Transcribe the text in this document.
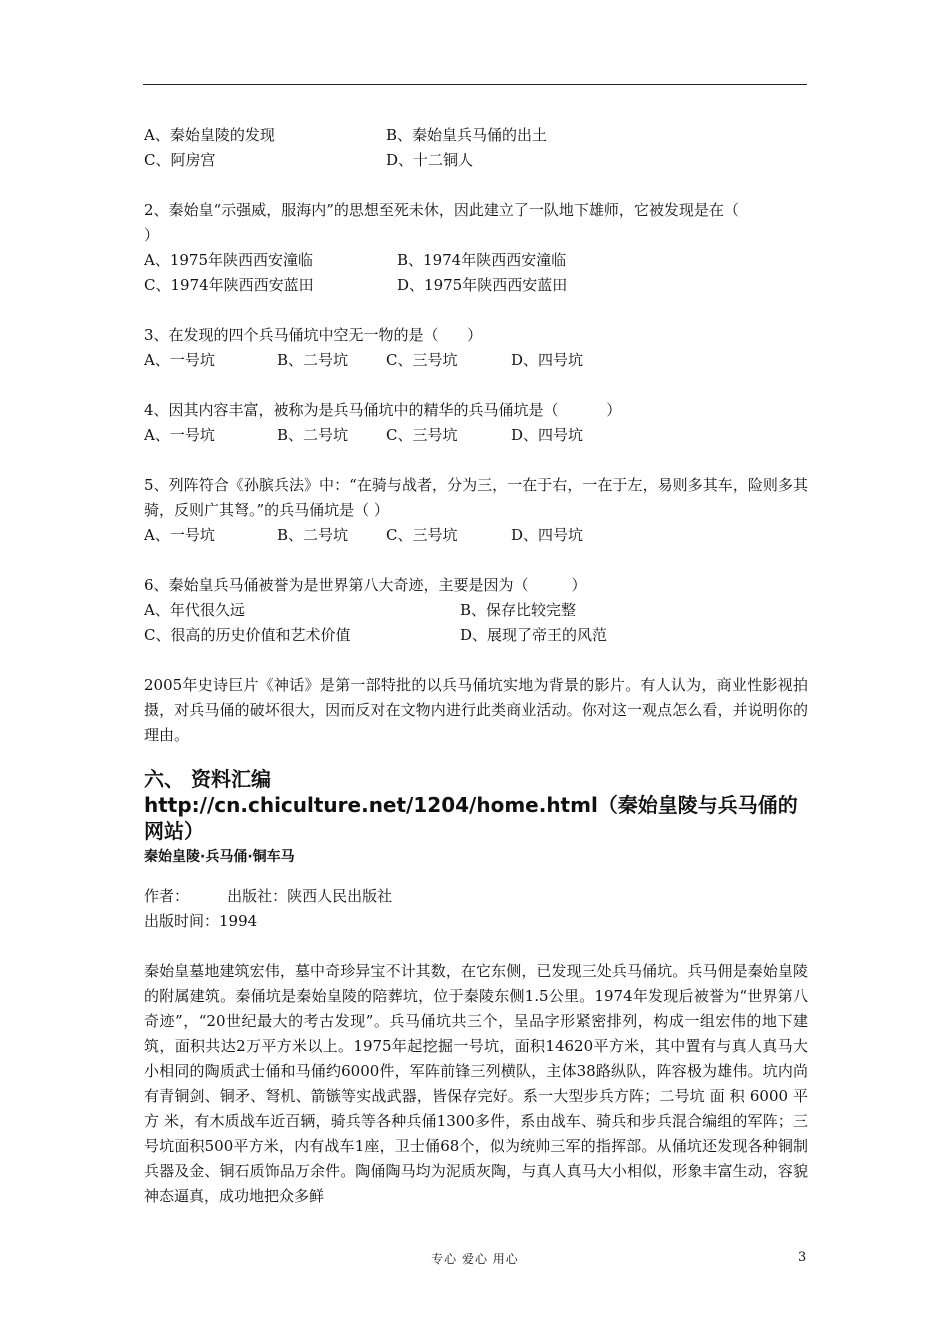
A、秦始皇陵的发现	B、秦始皇兵马俑的出土
C、阿房宫	D、十二铜人
2、秦始皇“示强威，服海内”的思想至死未休，因此建立了一队地下雄师，它被发现是在（
）
A、1975年陕西西安潼临	B、1974年陕西西安潼临
C、1974年陕西西安蓝田	D、1975年陕西西安蓝田
3、在发现的四个兵马俑坑中空无一物的是（      ）
A、一号坑	B、二号坑	C、三号坑	D、四号坑
4、因其内容丰富，被称为是兵马俑坑中的精华的兵马俑坑是（          ）
A、一号坑	B、二号坑	C、三号坑	D、四号坑
5、列阵符合《孙膑兵法》中：“在骑与战者，分为三，一在于右，一在于左，易则多其车，险则多其骑，反则广其弩。”的兵马俑坑是（ ）
A、一号坑	B、二号坑	C、三号坑	D、四号坑
6、秦始皇兵马俑被誉为是世界第八大奇迹，主要是因为（         ）
A、年代很久远	B、保存比较完整
C、很高的历史价值和艺术价值	D、展现了帝王的风范
2005年史诗巨片《神话》是第一部特批的以兵马俑坑实地为背景的影片。有人认为，商业性影视拍摄，对兵马俑的破坏很大，因而反对在文物内进行此类商业活动。你对这一观点怎么看，并说明你的理由。
六、 资料汇编
http://cn.chiculture.net/1204/home.html（秦始皇陵与兵马俑的网站）
秦始皇陵·兵马俑·铜车马
作者：        出版社：陕西人民出版社
出版时间：1994
秦始皇墓地建筑宏伟，墓中奇珍异宝不计其数，在它东侧，已发现三处兵马俑坑。兵马佣是秦始皇陵的附属建筑。秦俑坑是秦始皇陵的陪葬坑，位于秦陵东侧1.5公里。1974年发现后被誉为“世界第八奇迹”，“20世纪最大的考古发现”。兵马俑坑共三个，呈品字形紧密排列，构成一组宏伟的地下建筑，面积共达2万平方米以上。1975年起挖掘一号坑，面积14620平方米，其中置有与真人真马大小相同的陶质武士俑和马俑约6000件，军阵前锋三列横队，主体38路纵队，阵容极为雄伟。坑内尚有青铜剑、铜矛、弩机、箭镞等实战武器，皆保存完好。系一大型步兵方阵；二号坑 面 积 6000 平 方 米，有木质战车近百辆，骑兵等各种兵俑1300多件，系由战车、骑兵和步兵混合编组的军阵；三号坑面积500平方米，内有战车1座，卫士俑68个，似为统帅三军的指挥部。从俑坑还发现各种铜制兵器及金、铜石质饰品万余件。陶俑陶马均为泥质灰陶，与真人真马大小相似，形象丰富生动，容貌神态逼真，成功地把众多鲜
专心 爱心 用心	3
